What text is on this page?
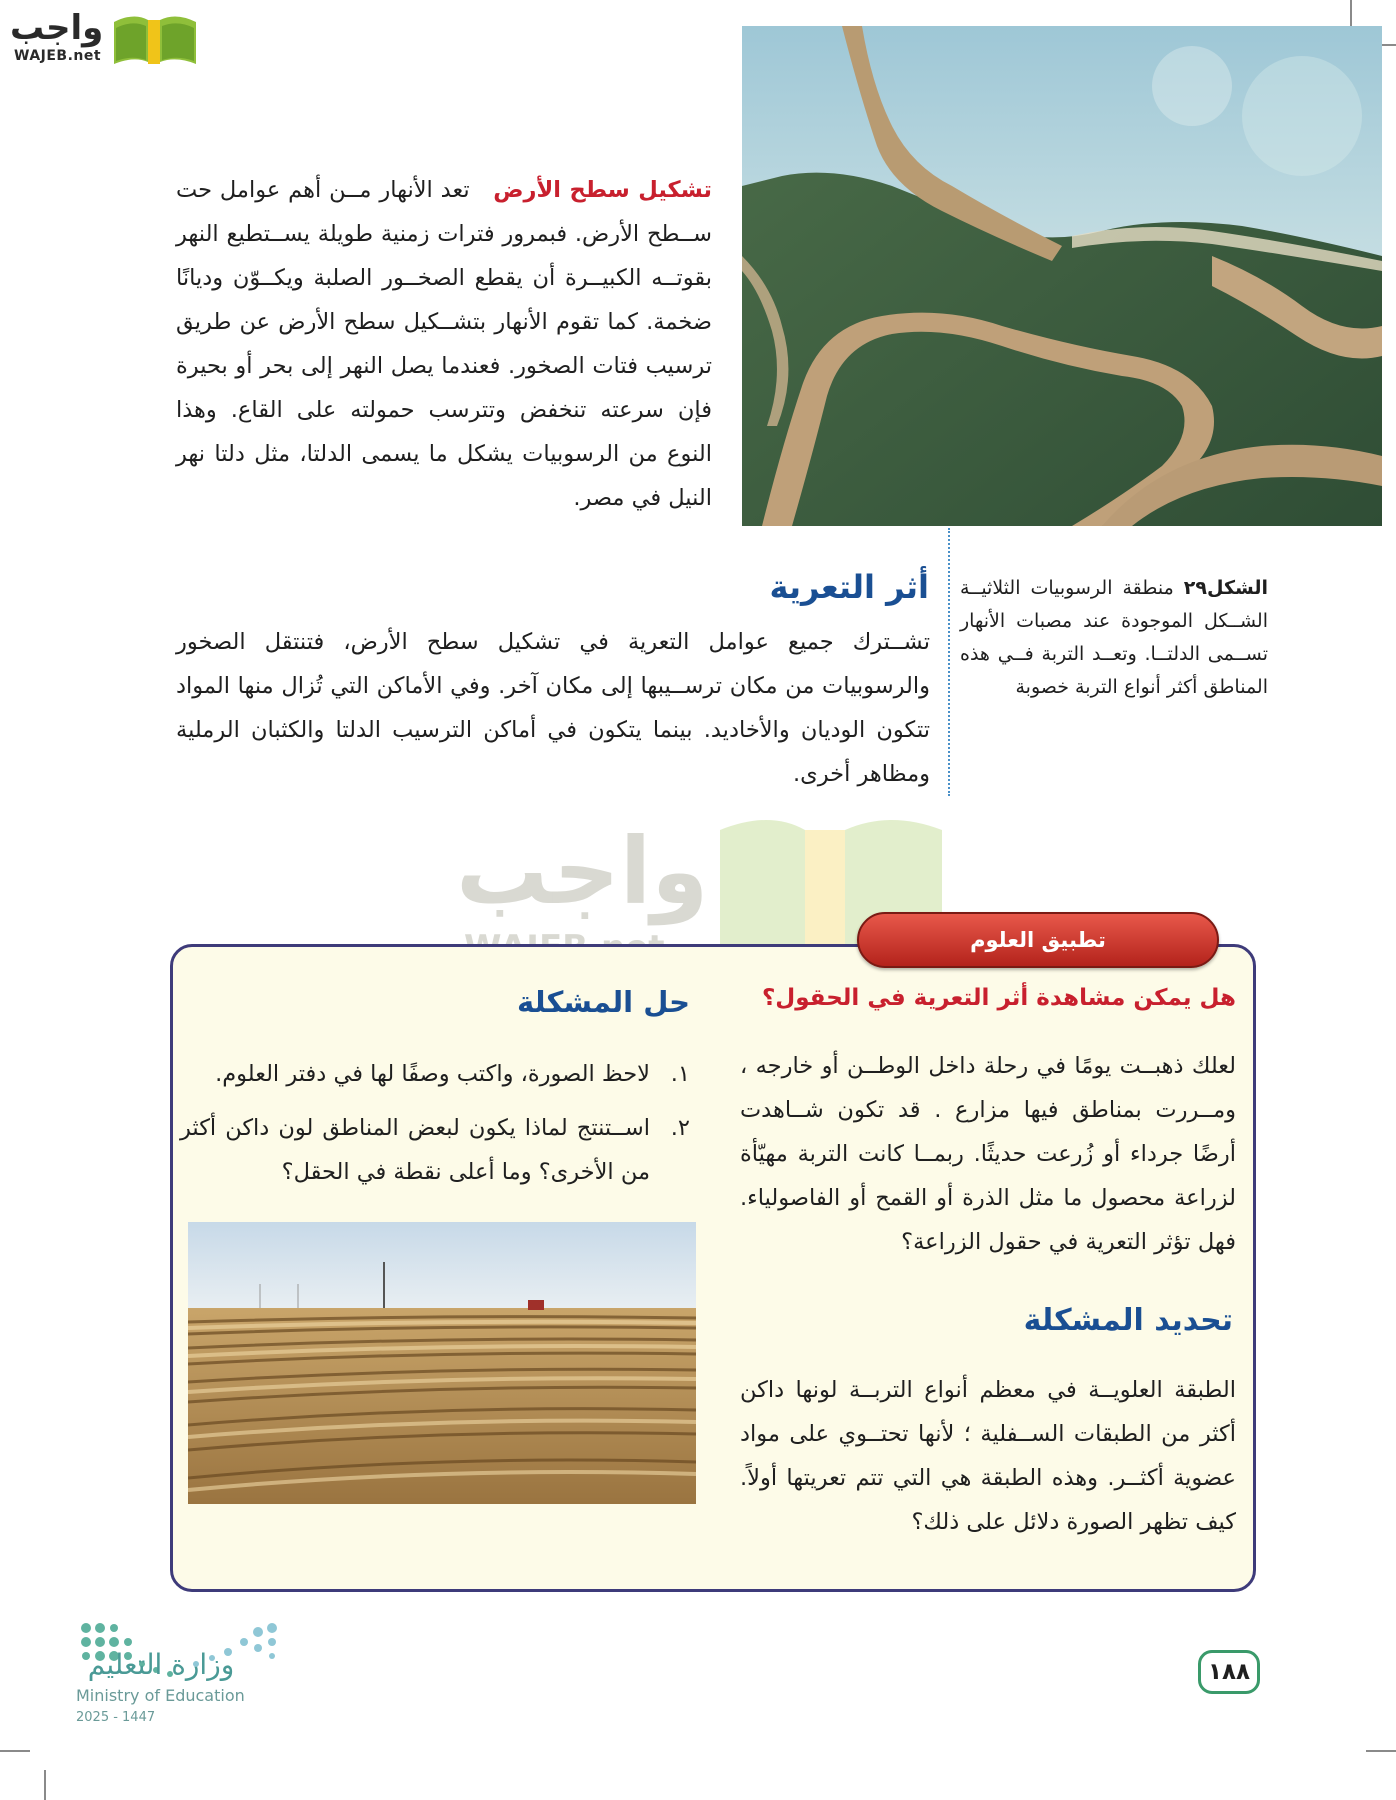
واجب
WAJEB.net
تشكيل سطح الأرض   تعد الأنهار مــن أهم عوامل حت ســطح الأرض. فبمرور فترات زمنية طويلة يســتطيع النهر بقوتــه الكبيــرة أن يقطع الصخــور الصلبة ويكــوّن وديانًا ضخمة. كما تقوم الأنهار بتشــكيل سطح الأرض عن طريق ترسيب فتات الصخور. فعندما يصل النهر إلى بحر أو بحيرة فإن سرعته تنخفض وتترسب حمولته على القاع. وهذا النوع من الرسوبيات يشكل ما يسمى الدلتا، مثل دلتا نهر النيل في مصر.
أثر التعرية
تشــترك جميع عوامل التعرية في تشكيل سطح الأرض، فتنتقل الصخور والرسوبيات من مكان ترســيبها إلى مكان آخر. وفي الأماكن التي تُزال منها المواد تتكون الوديان والأخاديد. بينما يتكون في أماكن الترسيب الدلتا والكثبان الرملية ومظاهر أخرى.
الشكل٢٩ منطقة الرسوبيات الثلاثيــة الشــكل الموجودة عند مصبات الأنهار تســمى الدلتــا. وتعــد التربة فــي هذه المناطق أكثر أنواع التربة خصوبة
واجب
تطبيق العلوم
هل يمكن مشاهدة أثر التعرية في الحقول؟
لعلك ذهبــت يومًا في رحلة داخل الوطــن أو خارجه ، ومــررت بمناطق فيها مزارع . قد تكون شــاهدت أرضًا جرداء أو زُرعت حديثًا. ربمــا كانت التربة مهيّأة لزراعة محصول ما مثل الذرة أو القمح أو الفاصولياء. فهل تؤثر التعرية في حقول الزراعة؟
تحديد المشكلة
الطبقة العلويــة في معظم أنواع التربــة لونها داكن أكثر من الطبقات الســفلية ؛ لأنها تحتــوي على مواد عضوية أكثــر. وهذه الطبقة هي التي تتم تعريتها أولاً. كيف تظهر الصورة دلائل على ذلك؟
حل المشكلة
١.
لاحظ الصورة، واكتب وصفًا لها في دفتر العلوم.
٢.
اســتنتج لماذا يكون لبعض المناطق لون داكن أكثر من الأخرى؟ وما أعلى نقطة في الحقل؟
وزارة التعليم
Ministry of Education
2025 - 1447
١٨٨
